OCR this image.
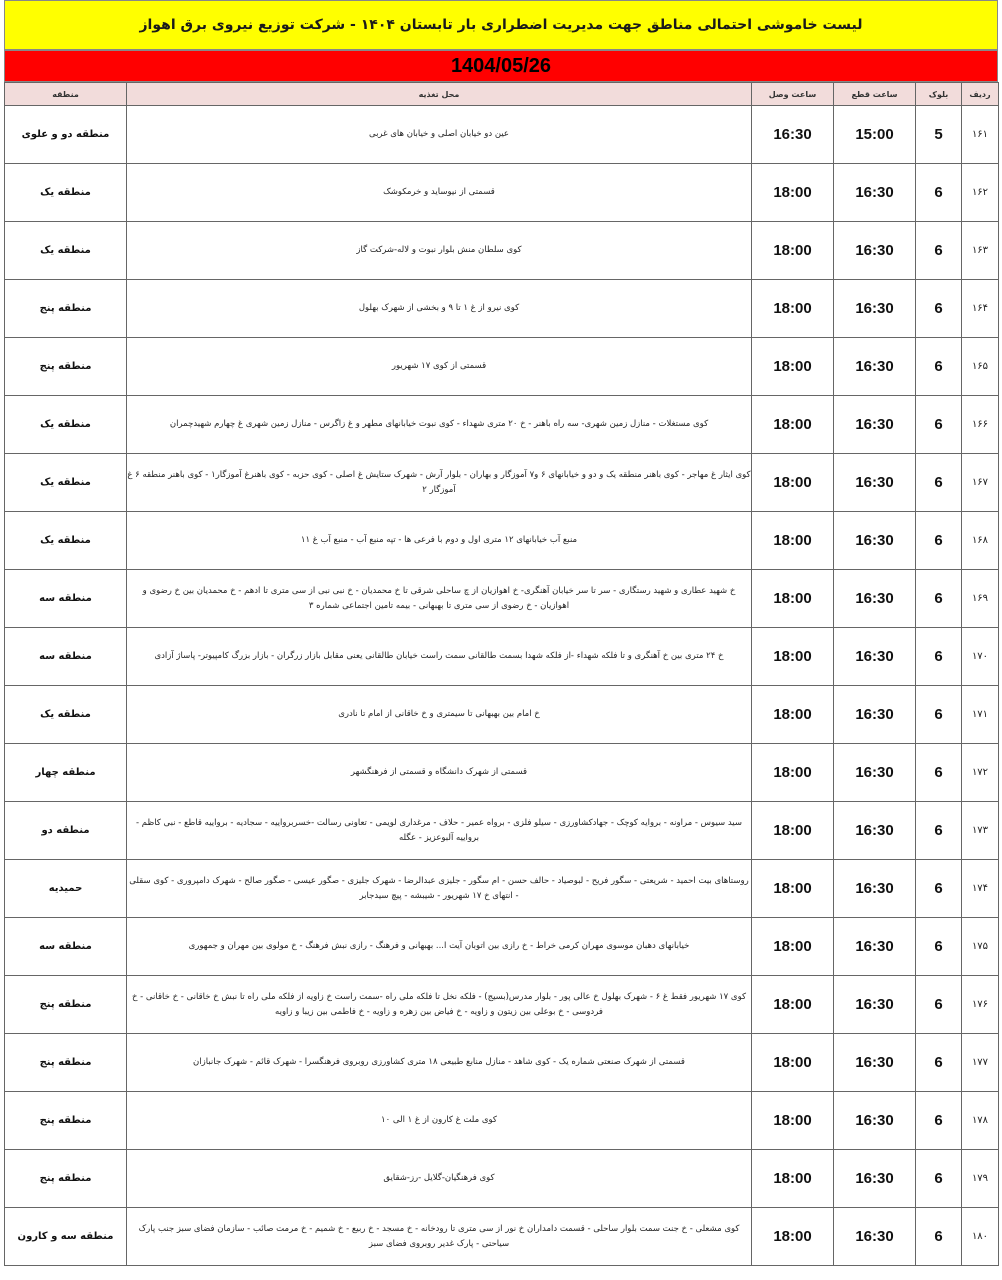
لیست خاموشی احتمالی مناطق جهت مدیریت اضطراری بار تابستان ۱۴۰۴ - شرکت توزیع نیروی برق اهواز
1404/05/26
ردیف	بلوک	ساعت قطع	ساعت وصل	محل تغذیه	منطقه
۱۶۱	5	15:00	16:30	عین دو خیابان اصلی و خیابان های غربی	منطقه دو و علوی
۱۶۲	6	16:30	18:00	قسمتی از نیوساید و خرمکوشک	منطقه یک
۱۶۳	6	16:30	18:00	کوی سلطان منش بلوار نبوت و لاله-شرکت گاز	منطقه یک
۱۶۴	6	16:30	18:00	کوی نیرو از غ ۱ تا ۹ و بخشی از شهرک بهلول	منطقه پنج
۱۶۵	6	16:30	18:00	قسمتی از کوی ۱۷ شهریور	منطقه پنج
۱۶۶	6	16:30	18:00	کوی مستغلات - منازل زمین شهری- سه راه باهنر - خ ۲۰ متری شهداء - کوی نبوت خیابانهای مطهر و غ زاگرس - منازل زمین شهری غ چهارم شهیدچمران	منطقه یک
۱۶۷	6	16:30	18:00	کوی ایثار غ مهاجر - کوی باهنر منطقه یک و دو و خیابانهای ۶ و۷ آموزگار و بهاران - بلوار آرش - شهرک ستایش غ اصلی - کوی حزبه - کوی باهنرغ آموزگار۱ - کوی باهنر منطقه ۶ غ آموزگار ۲	منطقه یک
۱۶۸	6	16:30	18:00	منبع آب خیابانهای ۱۲ متری اول و دوم با فرعی ها - تپه منبع آب - منبع آب غ ۱۱	منطقه یک
۱۶۹	6	16:30	18:00	خ شهید عطاری و شهید رستگاری - سر تا سر خیابان آهنگری- خ اهوازیان از چ ساحلی شرقی تا خ محمدیان - خ نبی نبی از سی متری تا ادهم - خ محمدیان بین خ رضوی و اهوازیان - خ رضوی از سی متری تا بهبهانی - بیمه تامین اجتماعی شماره ۳	منطقه سه
۱۷۰	6	16:30	18:00	خ ۲۴ متری بین خ آهنگری و تا فلکه شهداء -از فلکه شهدا بسمت طالقانی سمت راست خیابان طالقانی یعنی مقابل بازار زرگران - بازار بزرگ کامپیوتر- پاساژ آزادی	منطقه سه
۱۷۱	6	16:30	18:00	خ امام بین بهبهانی تا سیمتری و خ خاقانی از امام تا نادری	منطقه یک
۱۷۲	6	16:30	18:00	قسمتی از شهرک دانشگاه و قسمتی از فرهنگشهر	منطقه چهار
۱۷۳	6	16:30	18:00	سید سیوس - مراونه - بروایه کوچک - جهادکشاورزی - سیلو فلزی - برواه عمیر - حلاف - مرغداری لویمی - تعاونی رسالت -خسربرواییه - سجادیه - برواییه قاطع - نبی کاظم - برواییه آلبوعزیز - عگله	منطقه دو
۱۷۴	6	16:30	18:00	روستاهای بیت احمید - شریعتی - سگور فریح - لبوصیاد - حالف حسن - ام سگور - جلیزی عبدالرضا - شهرک جلیزی - صگور عیسی - صگور صالح - شهرک دامپروری - کوی سقلی - انتهای خ ۱۷ شهریور - شیبشه - پیچ سیدجابر	حمیدیه
۱۷۵	6	16:30	18:00	خیابانهای دهبان موسوی مهران کرمی خراط - خ رازی بین اتوبان آیت ا... بهبهانی و فرهنگ - رازی نبش فرهنگ - خ مولوی بین مهران و جمهوری	منطقه سه
۱۷۶	6	16:30	18:00	کوی ۱۷ شهریور فقط غ ۶ - شهرک بهلول خ عالی پور - بلوار مدرس(بسیج) - فلکه نخل تا فلکه ملی راه -سمت راست خ زاویه از فلکه ملی راه تا نبش خ خاقانی - خ خاقانی - خ فردوسی - خ بوعلی بین زیتون و زاویه - خ فیاض بین زهره و زاویه - خ فاطمی بین زیبا و زاویه	منطقه پنج
۱۷۷	6	16:30	18:00	قسمتی از شهرک صنعتی شماره یک - کوی شاهد - منازل منابع طبیعی ۱۸ متری کشاورزی روبروی فرهنگسرا - شهرک قائم - شهرک جانبازان	منطقه پنج
۱۷۸	6	16:30	18:00	کوی ملت غ کارون از غ ۱ الی ۱۰	منطقه پنج
۱۷۹	6	16:30	18:00	کوی فرهنگیان-گلایل -رز-شقایق	منطقه پنج
۱۸۰	6	16:30	18:00	کوی مشعلی - خ جنت سمت بلوار ساحلی - قسمت دامداران خ نور از سی متری تا رودخانه - خ مسجد - خ ربیع - خ شمیم - خ مرمت صائب - سازمان فضای سبز جنب پارک سیاحتی - پارک غدیر روبروی فضای سبز	منطقه سه و کارون
